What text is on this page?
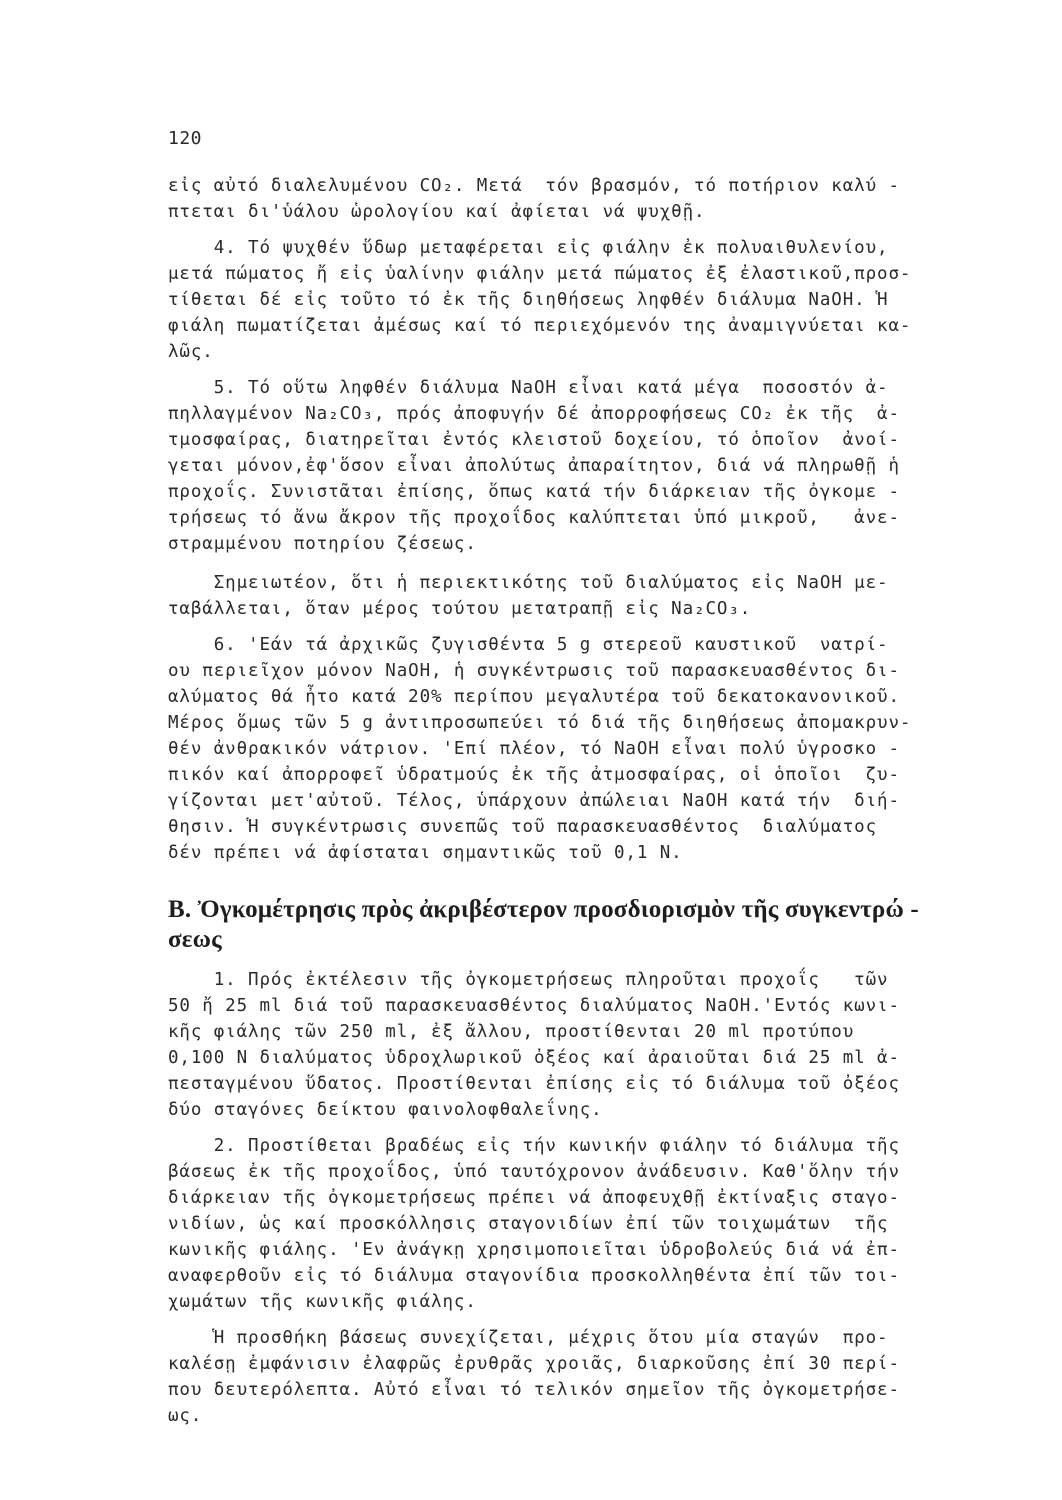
120
εἰς αὐτό διαλελυμένου CO₂. Μετά  τόν βρασμόν, τό ποτήριον καλύ -
πτεται δι'ὑάλου ὡρολογίου καί ἀφίεται νά ψυχθῇ.
4. Τό ψυχθέν ὕδωρ μεταφέρεται εἰς φιάλην ἐκ πολυαιθυλενίου,
μετά πώματος ἤ εἰς ὑαλίνην φιάλην μετά πώματος ἐξ ἐλαστικοῦ,προσ-
τίθεται δέ εἰς τοῦτο τό ἐκ τῆς διηθήσεως ληφθέν διάλυμα NaOH. Ἡ
φιάλη πωματίζεται ἀμέσως καί τό περιεχόμενόν της ἀναμιγνύεται κα-
λῶς.
5. Τό οὕτω ληφθέν διάλυμα NaOH εἶναι κατά μέγα  ποσοστόν ἀ-
πηλλαγμένον Na₂CO₃, πρός ἀποφυγήν δέ ἀπορροφήσεως CO₂ ἐκ τῆς  ἀ-
τμοσφαίρας, διατηρεῖται ἐντός κλειστοῦ δοχείου, τό ὁποῖον  ἀνοί-
γεται μόνον,ἐφ'ὅσον εἶναι ἀπολύτως ἀπαραίτητον, διά νά πληρωθῇ ἡ
προχοΐς. Συνιστᾶται ἐπίσης, ὅπως κατά τήν διάρκειαν τῆς ὀγκομε -
τρήσεως τό ἄνω ἄκρον τῆς προχοΐδος καλύπτεται ὑπό μικροῦ,   ἀνε-
στραμμένου ποτηρίου ζέσεως.
Σημειωτέον, ὅτι ἡ περιεκτικότης τοῦ διαλύματος εἰς NaOH με-
ταβάλλεται, ὅταν μέρος τούτου μετατραπῇ εἰς Na₂CO₃.
6. 'Εάν τά ἀρχικῶς ζυγισθέντα 5 g στερεοῦ καυστικοῦ  νατρί-
ου περιεῖχον μόνον NaOH, ἡ συγκέντρωσις τοῦ παρασκευασθέντος δι-
αλύματος θά ἦτο κατά 20% περίπου μεγαλυτέρα τοῦ δεκατοκανονικοῦ.
Μέρος ὅμως τῶν 5 g ἀντιπροσωπεύει τό διά τῆς διηθήσεως ἀπομακρυν-
θέν ἀνθρακικόν νάτριον. 'Επί πλέον, τό NaOH εἶναι πολύ ὑγροσκο -
πικόν καί ἀπορροφεῖ ὑδρατμούς ἐκ τῆς ἀτμοσφαίρας, οἱ ὁποῖοι  ζυ-
γίζονται μετ'αὐτοῦ. Τέλος, ὑπάρχουν ἀπώλειαι NaOH κατά τήν  διή-
θησιν. Ἡ συγκέντρωσις συνεπῶς τοῦ παρασκευασθέντος  διαλύματος
δέν πρέπει νά ἀφίσταται σημαντικῶς τοῦ 0,1 N.
Β. Ὀγκομέτρησις πρὸς ἀκριβέστερον προσδιορισμὸν τῆς συγκεντρώ -
σεως
1. Πρός ἐκτέλεσιν τῆς ὀγκομετρήσεως πληροῦται προχοΐς   τῶν
50 ἤ 25 ml διά τοῦ παρασκευασθέντος διαλύματος NaOH.'Εντός κωνι-
κῆς φιάλης τῶν 250 ml, ἐξ ἄλλου, προστίθενται 20 ml προτύπου
0,100 N διαλύματος ὑδροχλωρικοῦ ὀξέος καί ἀραιοῦται διά 25 ml ἀ-
πεσταγμένου ὕδατος. Προστίθενται ἐπίσης εἰς τό διάλυμα τοῦ ὀξέος
δύο σταγόνες δείκτου φαινολοφθαλεΐνης.
2. Προστίθεται βραδέως εἰς τήν κωνικήν φιάλην τό διάλυμα τῆς
βάσεως ἐκ τῆς προχοΐδος, ὑπό ταυτόχρονον ἀνάδευσιν. Καθ'ὅλην τήν
διάρκειαν τῆς ὀγκομετρήσεως πρέπει νά ἀποφευχθῇ ἐκτίναξις σταγο-
νιδίων, ὡς καί προσκόλλησις σταγονιδίων ἐπί τῶν τοιχωμάτων  τῆς
κωνικῆς φιάλης. 'Εν ἀνάγκῃ χρησιμοποιεῖται ὑδροβολεύς διά νά ἐπ-
αναφερθοῦν εἰς τό διάλυμα σταγονίδια προσκολληθέντα ἐπί τῶν τοι-
χωμάτων τῆς κωνικῆς φιάλης.
Ἡ προσθήκη βάσεως συνεχίζεται, μέχρις ὅτου μία σταγών  προ-
καλέσῃ ἐμφάνισιν ἐλαφρῶς ἐρυθρᾶς χροιᾶς, διαρκοῦσης ἐπί 30 περί-
που δευτερόλεπτα. Αὐτό εἶναι τό τελικόν σημεῖον τῆς ὀγκομετρήσε-
ως.
